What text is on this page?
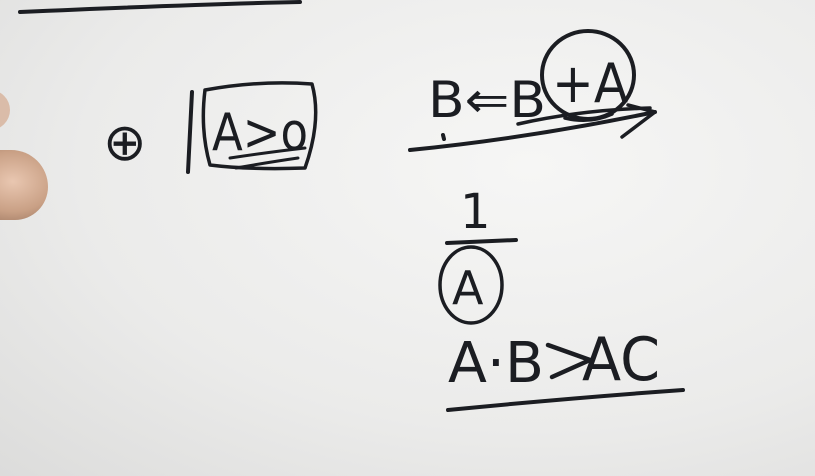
⊕ A>o
B⇐B +A
1
A
A·B AC
